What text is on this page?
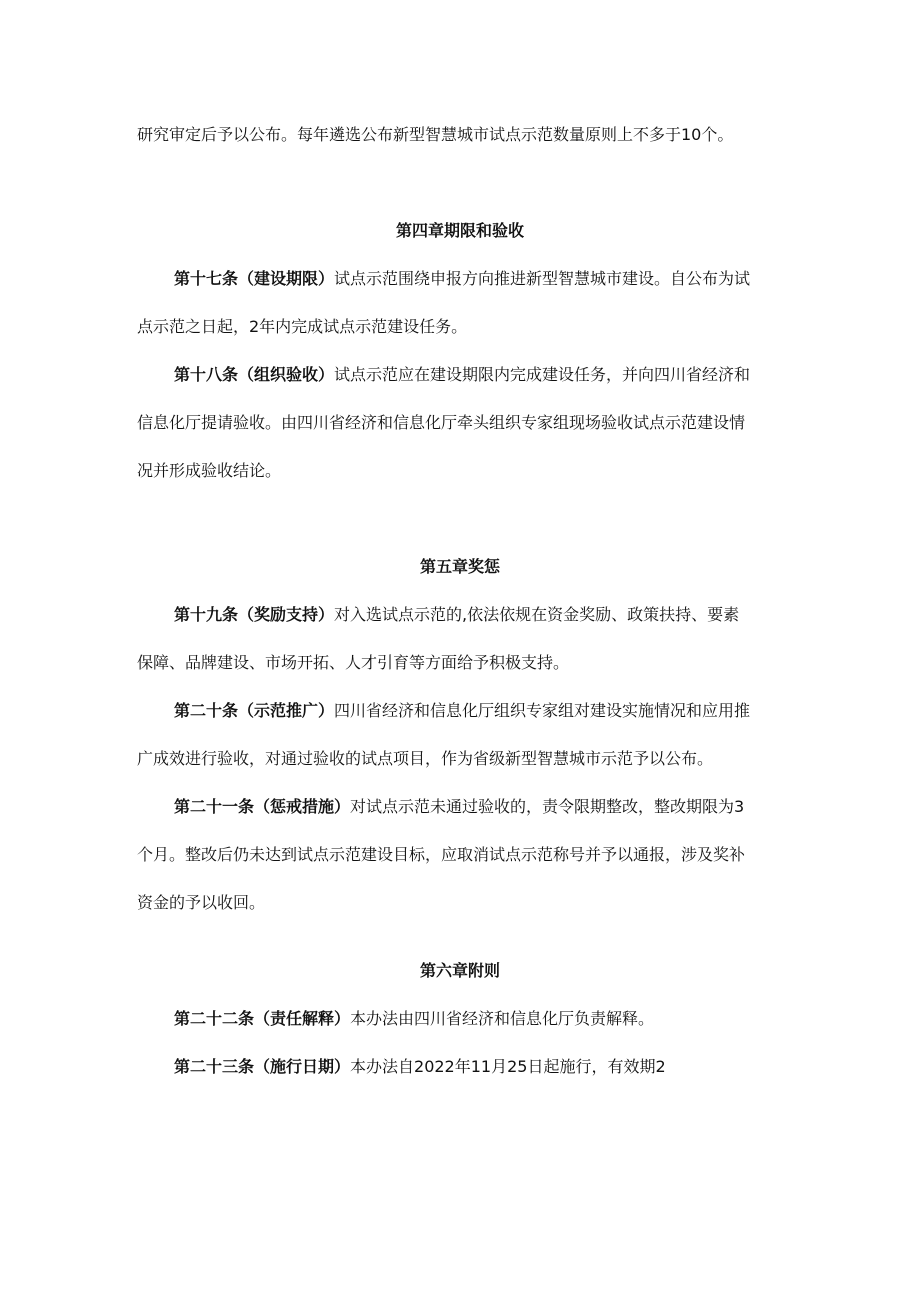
研究审定后予以公布。每年遴选公布新型智慧城市试点示范数量原则上不多于10个。
第四章期限和验收
第十七条（建设期限）试点示范围绕申报方向推进新型智慧城市建设。自公布为试
点示范之日起，2年内完成试点示范建设任务。
第十八条（组织验收）试点示范应在建设期限内完成建设任务，并向四川省经济和
信息化厅提请验收。由四川省经济和信息化厅牵头组织专家组现场验收试点示范建设情
况并形成验收结论。
第五章奖惩
第十九条（奖励支持）对入选试点示范的,依法依规在资金奖励、政策扶持、要素
保障、品牌建设、市场开拓、人才引育等方面给予积极支持。
第二十条（示范推广）四川省经济和信息化厅组织专家组对建设实施情况和应用推
广成效进行验收，对通过验收的试点项目，作为省级新型智慧城市示范予以公布。
第二十一条（惩戒措施）对试点示范未通过验收的，责令限期整改，整改期限为3
个月。整改后仍未达到试点示范建设目标，应取消试点示范称号并予以通报，涉及奖补
资金的予以收回。
第六章附则
第二十二条（责任解释）本办法由四川省经济和信息化厅负责解释。
第二十三条（施行日期）本办法自2022年11月25日起施行，有效期2
